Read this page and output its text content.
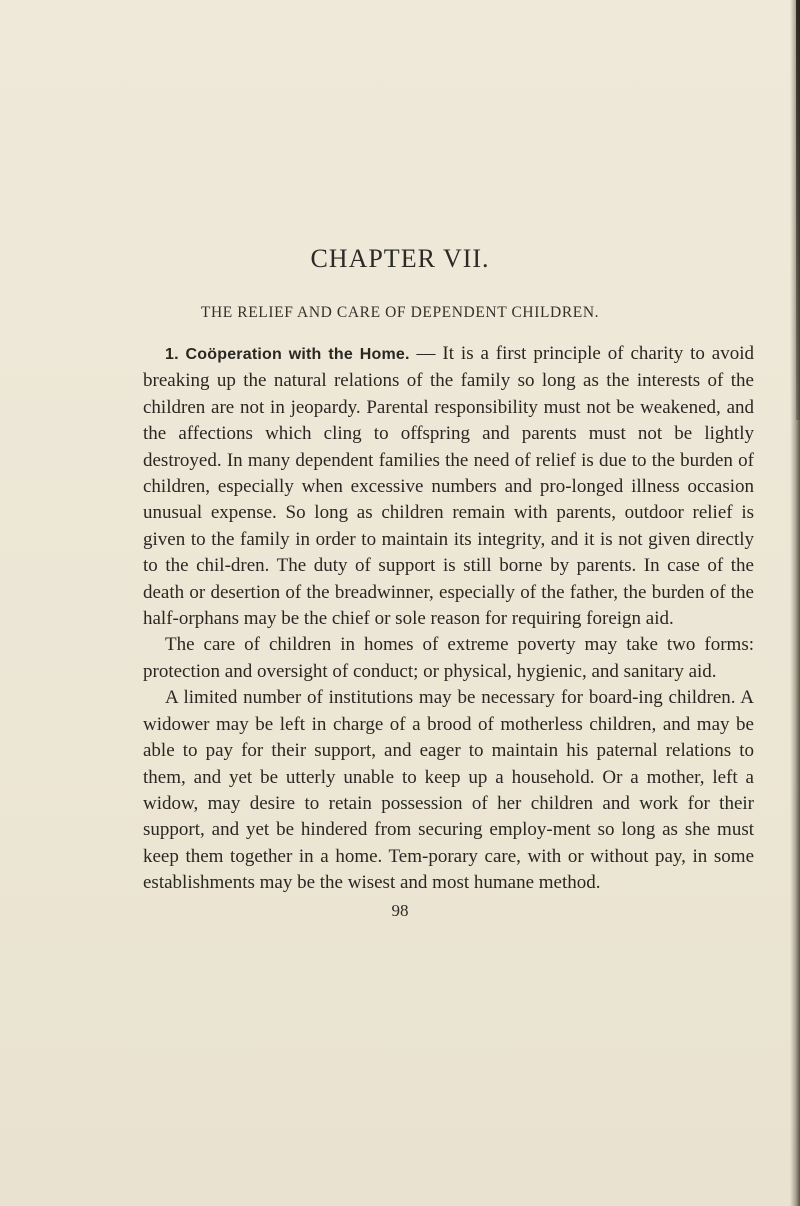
CHAPTER VII.
THE RELIEF AND CARE OF DEPENDENT CHILDREN.

1. Coöperation with the Home. — It is a first principle of charity to avoid breaking up the natural relations of the family so long as the interests of the children are not in jeopardy. Parental responsibility must not be weakened, and the affections which cling to offspring and parents must not be lightly destroyed. In many dependent families the need of relief is due to the burden of children, especially when excessive numbers and pro-longed illness occasion unusual expense. So long as children remain with parents, outdoor relief is given to the family in order to maintain its integrity, and it is not given directly to the chil-dren. The duty of support is still borne by parents. In case of the death or desertion of the breadwinner, especially of the father, the burden of the half-orphans may be the chief or sole reason for requiring foreign aid.

The care of children in homes of extreme poverty may take two forms: protection and oversight of conduct; or physical, hygienic, and sanitary aid.

A limited number of institutions may be necessary for board-ing children. A widower may be left in charge of a brood of motherless children, and may be able to pay for their support, and eager to maintain his paternal relations to them, and yet be utterly unable to keep up a household. Or a mother, left a widow, may desire to retain possession of her children and work for their support, and yet be hindered from securing employ-ment so long as she must keep them together in a home. Tem-porary care, with or without pay, in some establishments may be the wisest and most humane method.

98
